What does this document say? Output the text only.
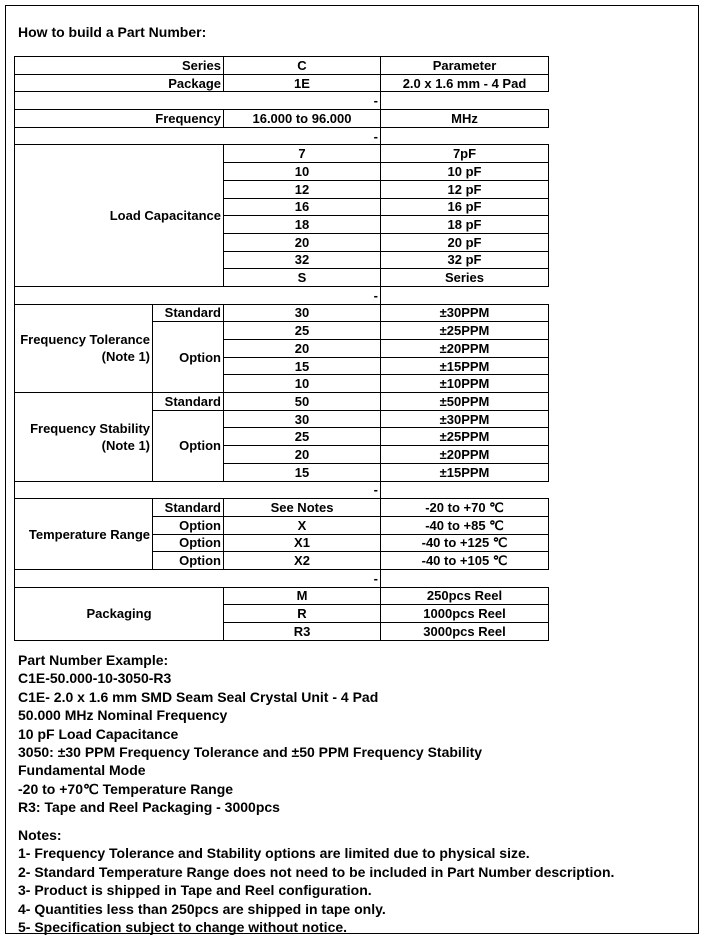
How to build a Part Number:
Series		C	Parameter
Package		1E	2.0 x 1.6 mm - 4 Pad
-			
Frequency		16.000 to 96.000	MHz
-			
Load Capacitance		7	7pF
		10	10 pF
		12	12 pF
		16	16 pF
		18	18 pF
		20	20 pF
		32	32 pF
		S	Series
-			
Frequency Tolerance
(Note 1)	Standard	30	±30PPM
	Option	25	±25PPM
		20	±20PPM
		15	±15PPM
		10	±10PPM
Frequency Stability
(Note 1)	Standard	50	±50PPM
	Option	30	±30PPM
		25	±25PPM
		20	±20PPM
		15	±15PPM
-			
Temperature Range	Standard	See Notes	-20 to +70 ℃
	Option	X	-40 to +85 ℃
	Option	X1	-40 to +125 ℃
	Option	X2	-40 to +105 ℃
-			
Packaging		M	250pcs Reel
		R	1000pcs Reel
		R3	3000pcs Reel
Part Number Example:
C1E-50.000-10-3050-R3
C1E- 2.0 x 1.6 mm SMD Seam Seal Crystal Unit - 4 Pad
50.000 MHz Nominal Frequency
10 pF Load Capacitance
3050: ±30 PPM Frequency Tolerance and ±50 PPM Frequency Stability
Fundamental Mode
-20 to +70℃ Temperature Range
R3: Tape and Reel Packaging - 3000pcs
Notes:
1- Frequency Tolerance and Stability options are limited due to physical size.
2- Standard Temperature Range does not need to be included in Part Number description.
3- Product is shipped in Tape and Reel configuration.
4- Quantities less than 250pcs are shipped in tape only.
5- Specification subject to change without notice.
